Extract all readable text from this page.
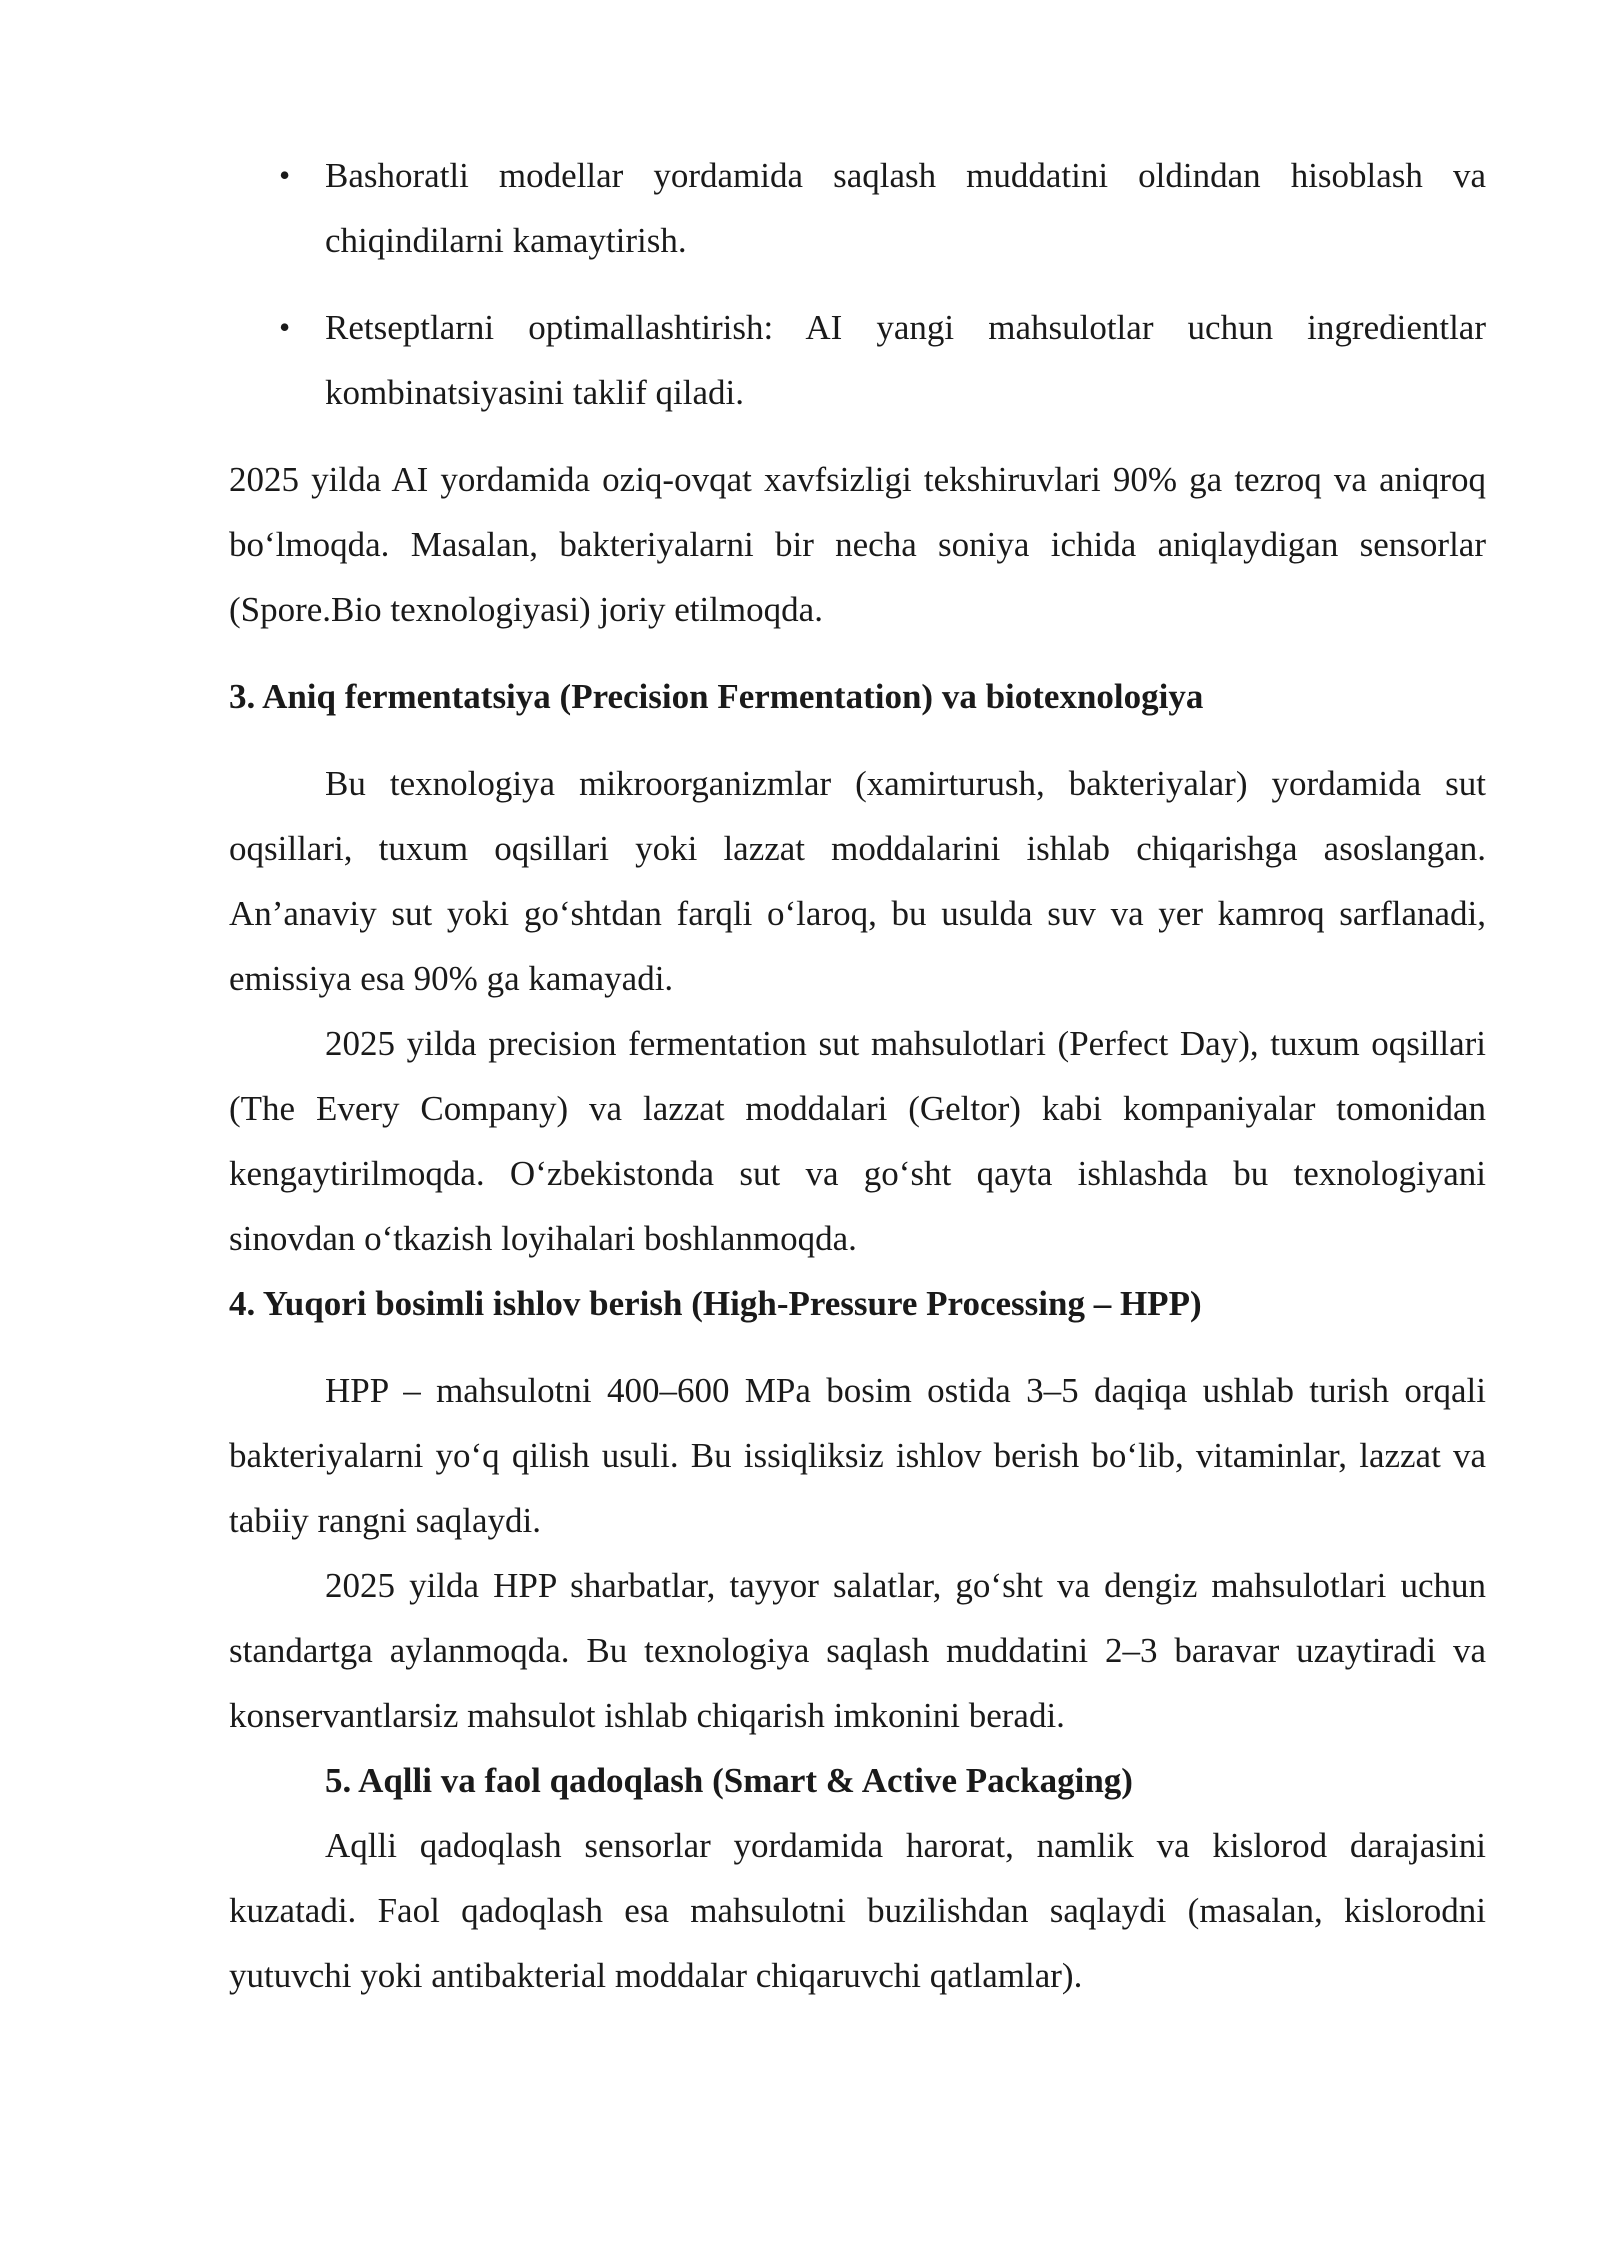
• Bashoratli modellar yordamida saqlash muddatini oldindan hisoblash va chiqindilarni kamaytirish.
• Retseptlarni optimallashtirish: AI yangi mahsulotlar uchun ingredientlar kombinatsiyasini taklif qiladi.

2025 yilda AI yordamida oziq-ovqat xavfsizligi tekshiruvlari 90% ga tezroq va aniqroq bo‘lmoqda. Masalan, bakteriyalarni bir necha soniya ichida aniqlaydigan sensorlar (Spore.Bio texnologiyasi) joriy etilmoqda.

3. Aniq fermentatsiya (Precision Fermentation) va biotexnologiya

Bu texnologiya mikroorganizmlar (xamirturush, bakteriyalar) yordamida sut oqsillari, tuxum oqsillari yoki lazzat moddalarini ishlab chiqarishga asoslangan. An’anaviy sut yoki go‘shtdan farqli o‘laroq, bu usulda suv va yer kamroq sarflanadi, emissiya esa 90% ga kamayadi.

2025 yilda precision fermentation sut mahsulotlari (Perfect Day), tuxum oqsillari (The Every Company) va lazzat moddalari (Geltor) kabi kompaniyalar tomonidan kengaytirilmoqda. O‘zbekistonda sut va go‘sht qayta ishlashda bu texnologiyani sinovdan o‘tkazish loyihalari boshlanmoqda.

4. Yuqori bosimli ishlov berish (High-Pressure Processing – HPP)

HPP – mahsulotni 400–600 MPa bosim ostida 3–5 daqiqa ushlab turish orqali bakteriyalarni yo‘q qilish usuli. Bu issiqliksiz ishlov berish bo‘lib, vitaminlar, lazzat va tabiiy rangni saqlaydi.

2025 yilda HPP sharbatlar, tayyor salatlar, go‘sht va dengiz mahsulotlari uchun standartga aylanmoqda. Bu texnologiya saqlash muddatini 2–3 baravar uzaytiradi va konservantlarsiz mahsulot ishlab chiqarish imkonini beradi.

5. Aqlli va faol qadoqlash (Smart & Active Packaging)

Aqlli qadoqlash sensorlar yordamida harorat, namlik va kislorod darajasini kuzatadi. Faol qadoqlash esa mahsulotni buzilishdan saqlaydi (masalan, kislorodni yutuvchi yoki antibakterial moddalar chiqaruvchi qatlamlar).
